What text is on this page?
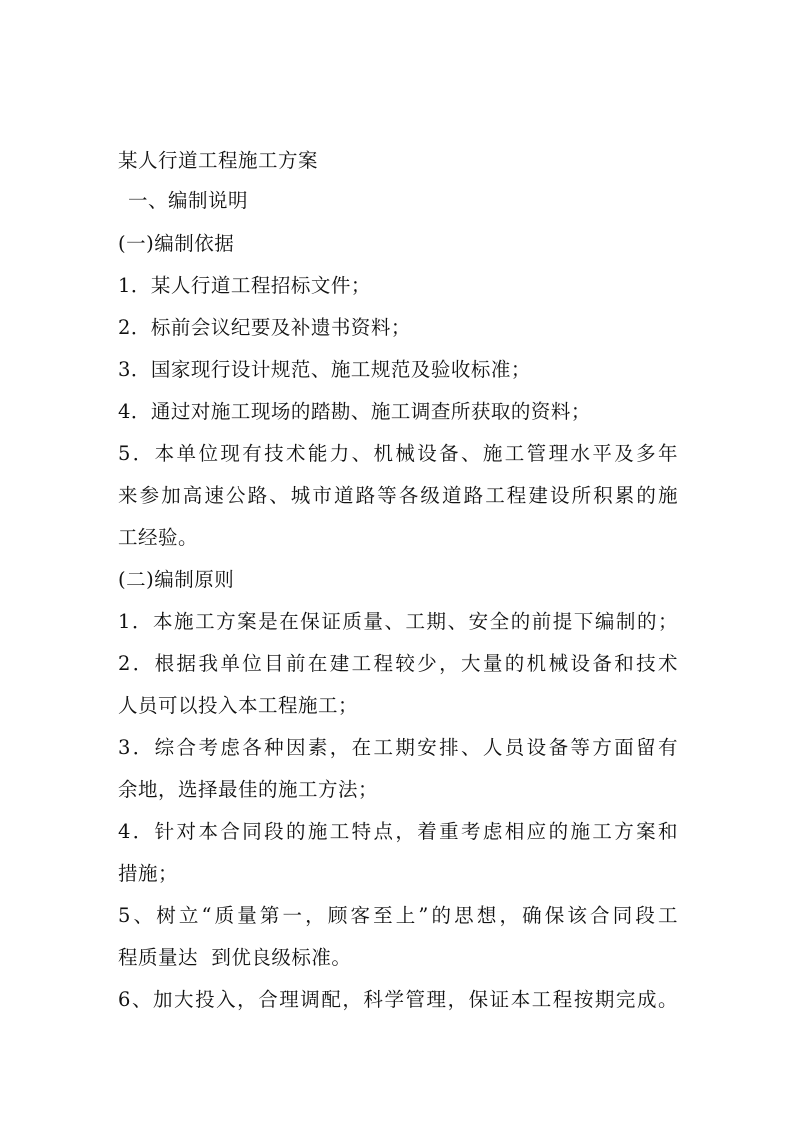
某人行道工程施工方案
一、编制说明
(一)编制依据
1．某人行道工程招标文件；
2．标前会议纪要及补遗书资料；
3．国家现行设计规范、施工规范及验收标准；
4．通过对施工现场的踏勘、施工调查所获取的资料；
5．本单位现有技术能力、机械设备、施工管理水平及多年
来参加高速公路、城市道路等各级道路工程建设所积累的施
工经验。
(二)编制原则
1．本施工方案是在保证质量、工期、安全的前提下编制的；
2．根据我单位目前在建工程较少，大量的机械设备和技术
人员可以投入本工程施工；
3．综合考虑各种因素，在工期安排、人员设备等方面留有
余地，选择最佳的施工方法；
4．针对本合同段的施工特点，着重考虑相应的施工方案和
措施；
5、树立“质量第一，顾客至上”的思想，确保该合同段工
程质量达  到优良级标准。
6、加大投入，合理调配，科学管理，保证本工程按期完成。
